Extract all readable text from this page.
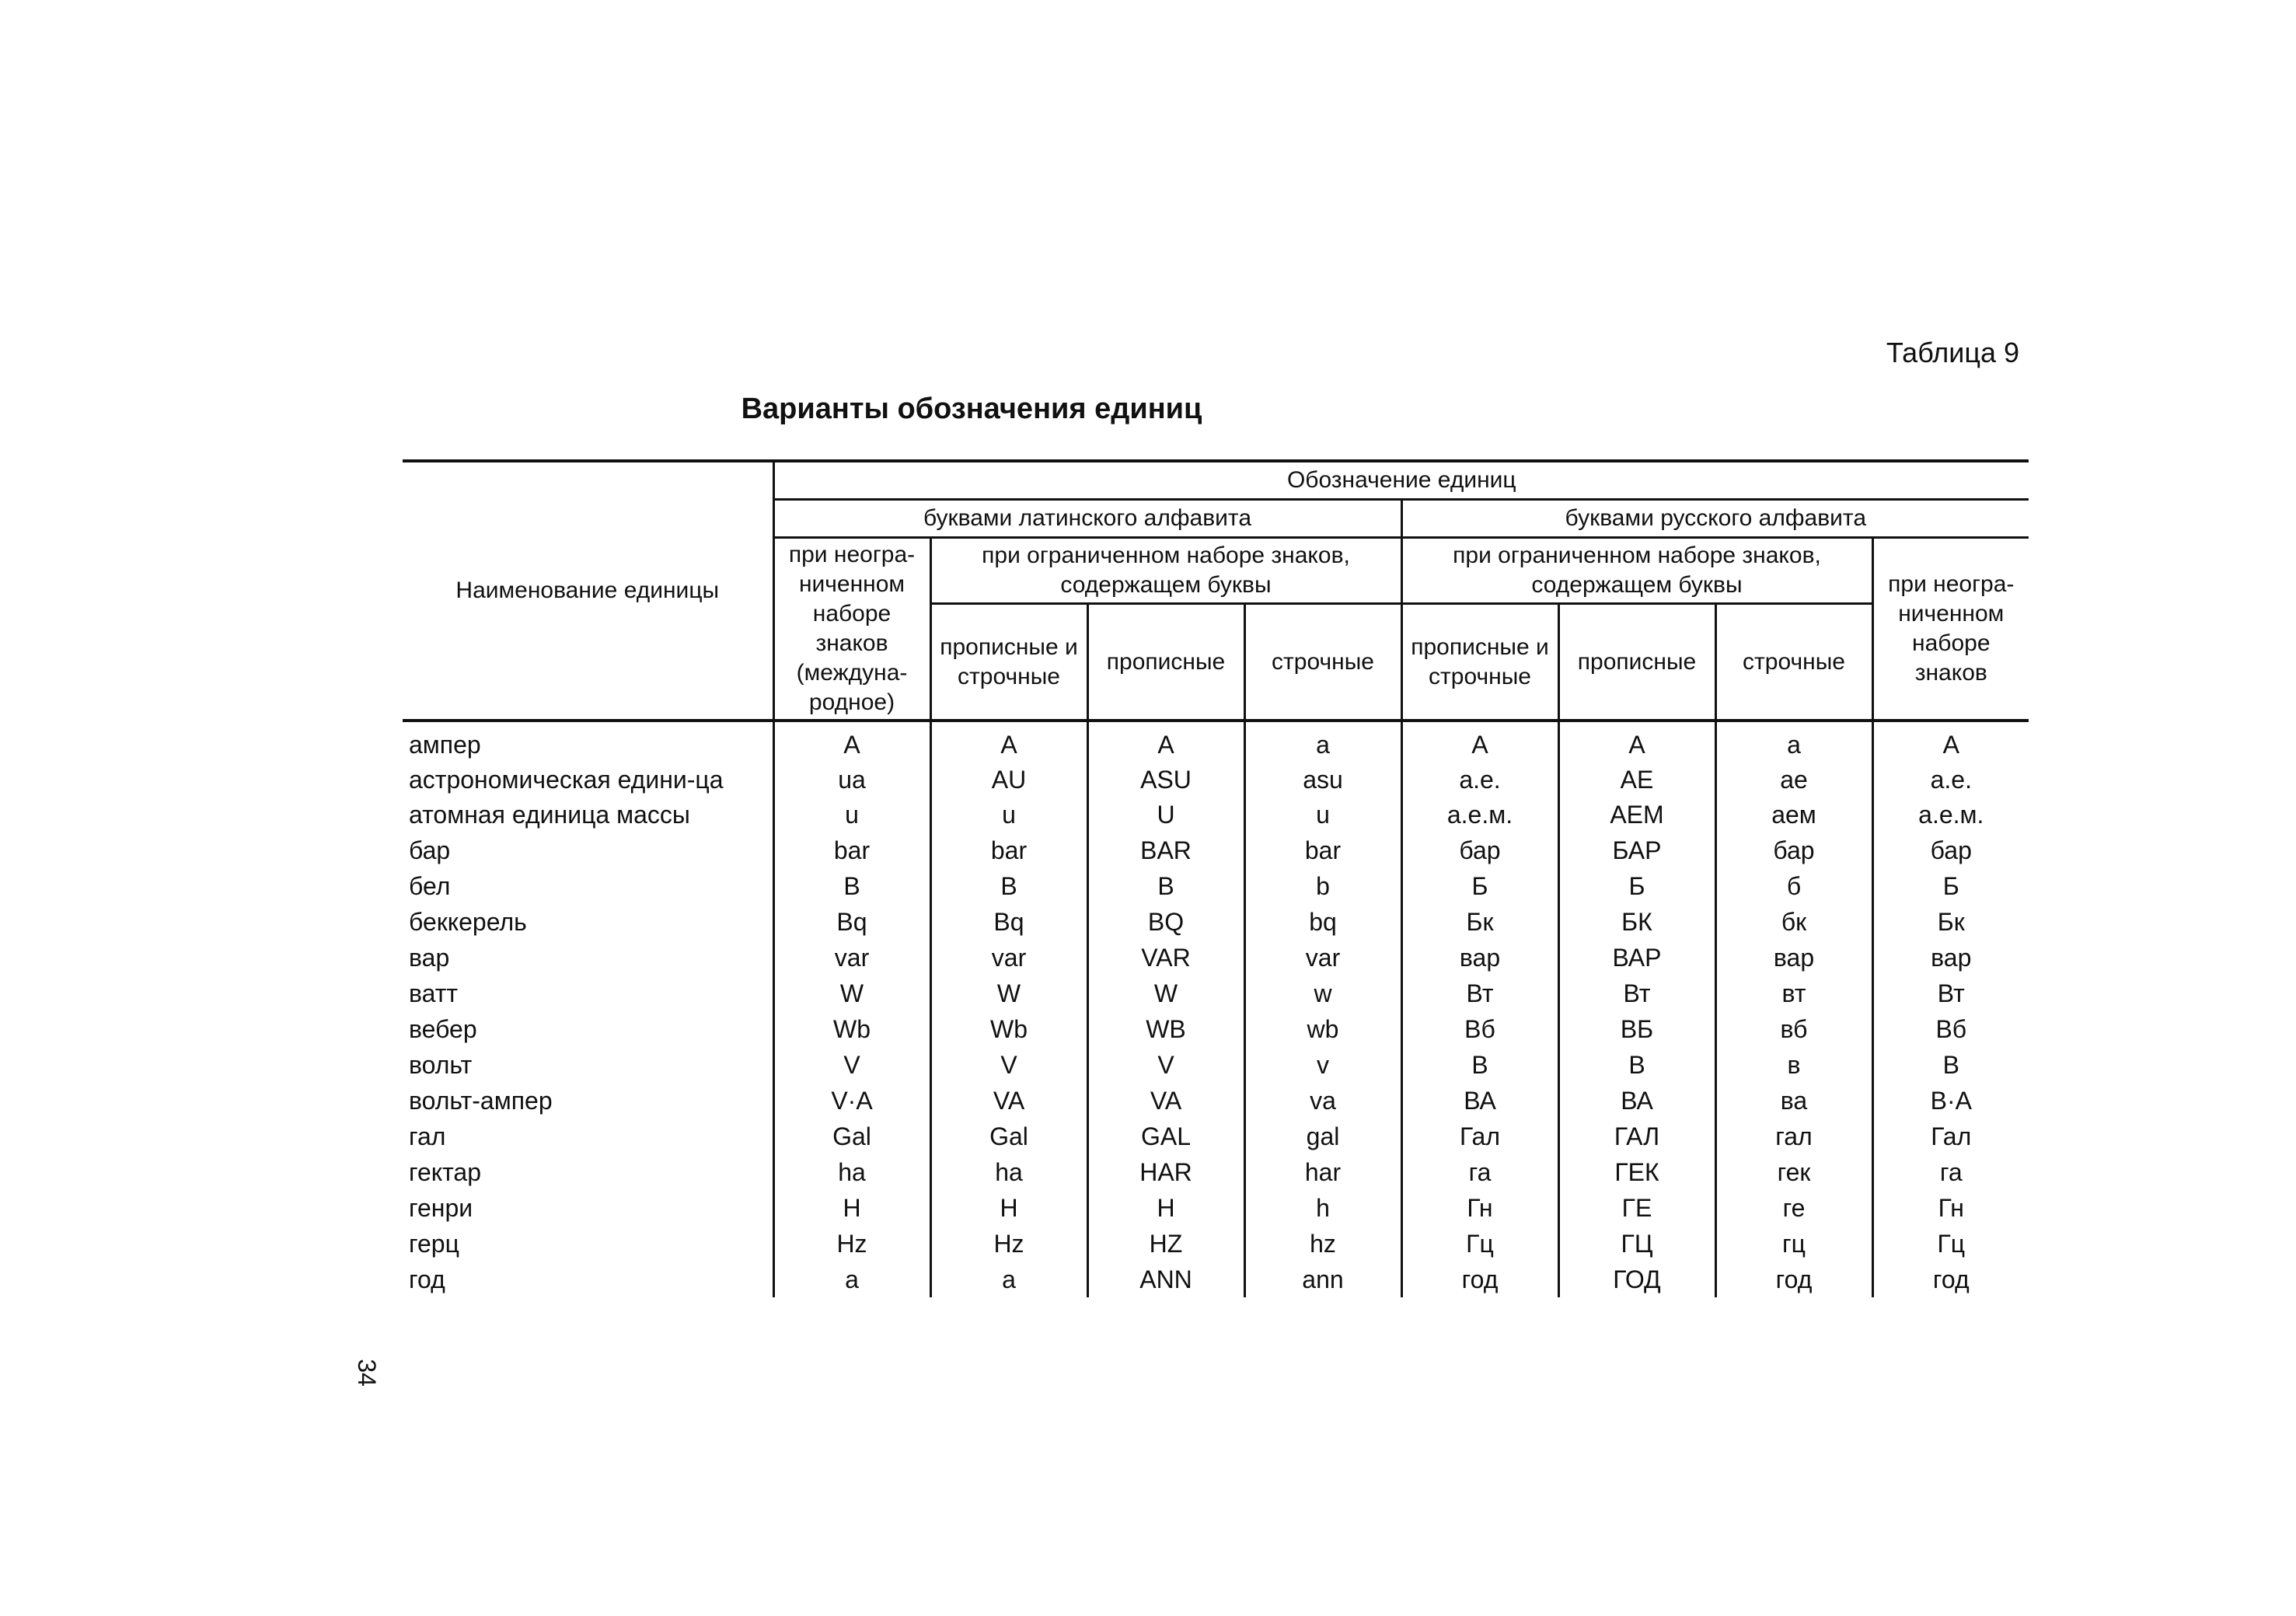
Таблица 9
Варианты обозначения единиц
34
Наименование единицы	Обозначение единиц							
	буквами латинского алфавита				буквами русского алфавита			
	при неогра-ниченном наборе знаков (междуна-родное)	при ограниченном наборе знаков, содержащем буквы			при ограниченном наборе знаков, содержащем буквы			при неогра-ниченном наборе знаков
		прописные и строчные	прописные	строчные	прописные и строчные	прописные	строчные	
ампер	A	A	A	a	А	А	а	А
астрономическая едини-ца	ua	AU	ASU	asu	а.е.	АЕ	ае	а.е.
атомная единица массы	u	u	U	u	а.е.м.	АЕМ	аем	а.е.м.
бар	bar	bar	BAR	bar	бар	БАР	бар	бар
бел	B	B	B	b	Б	Б	б	Б
беккерель	Bq	Bq	BQ	bq	Бк	БК	бк	Бк
вар	var	var	VAR	var	вар	ВАР	вар	вар
ватт	W	W	W	w	Вт	Вт	вт	Вт
вебер	Wb	Wb	WB	wb	Вб	ВБ	вб	Вб
вольт	V	V	V	v	В	В	в	В
вольт-ампер	V·A	VA	VA	va	ВА	ВА	ва	В·А
гал	Gal	Gal	GAL	gal	Гал	ГАЛ	гал	Гал
гектар	ha	ha	HAR	har	га	ГЕК	гек	га
генри	H	H	H	h	Гн	ГЕ	ге	Гн
герц	Hz	Hz	HZ	hz	Гц	ГЦ	гц	Гц
год	a	a	ANN	ann	год	ГОД	год	год
